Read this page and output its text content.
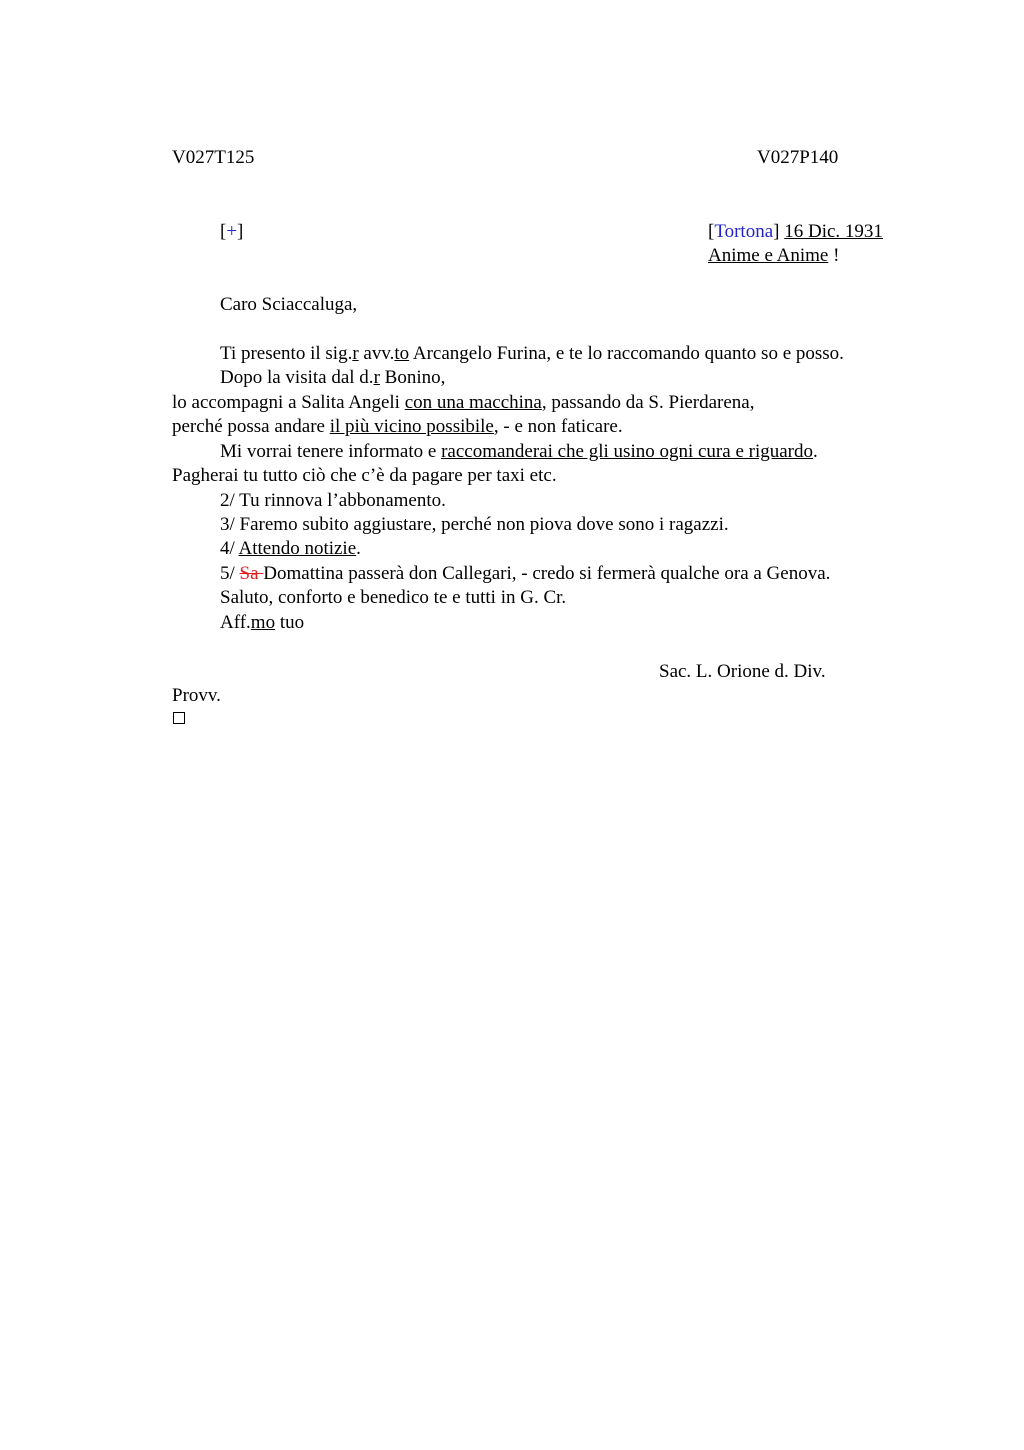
V027T125	V027P140
[+]	[Tortona] 16 Dic. 1931
Anime e Anime !
Caro Sciaccaluga,
Ti presento il sig.r avv.to Arcangelo Furina, e te lo raccomando quanto so e posso.
Dopo la visita dal d.r Bonino,
lo accompagni a Salita Angeli con una macchina, passando da S. Pierdarena,
perché possa andare il più vicino possibile, - e non faticare.
Mi vorrai tenere informato e raccomanderai che gli usino ogni cura e riguardo.
Pagherai tu tutto ciò che c’è da pagare per taxi etc.
2/ Tu rinnova l’abbonamento.
3/ Faremo subito aggiustare, perché non piova dove sono i ragazzi.
4/ Attendo notizie.
5/ Sa Domattina passerà don Callegari, - credo si fermerà qualche ora a Genova.
Saluto, conforto e benedico te e tutti in G. Cr.
Aff.mo tuo
Sac. L. Orione d. Div.
Provv.
